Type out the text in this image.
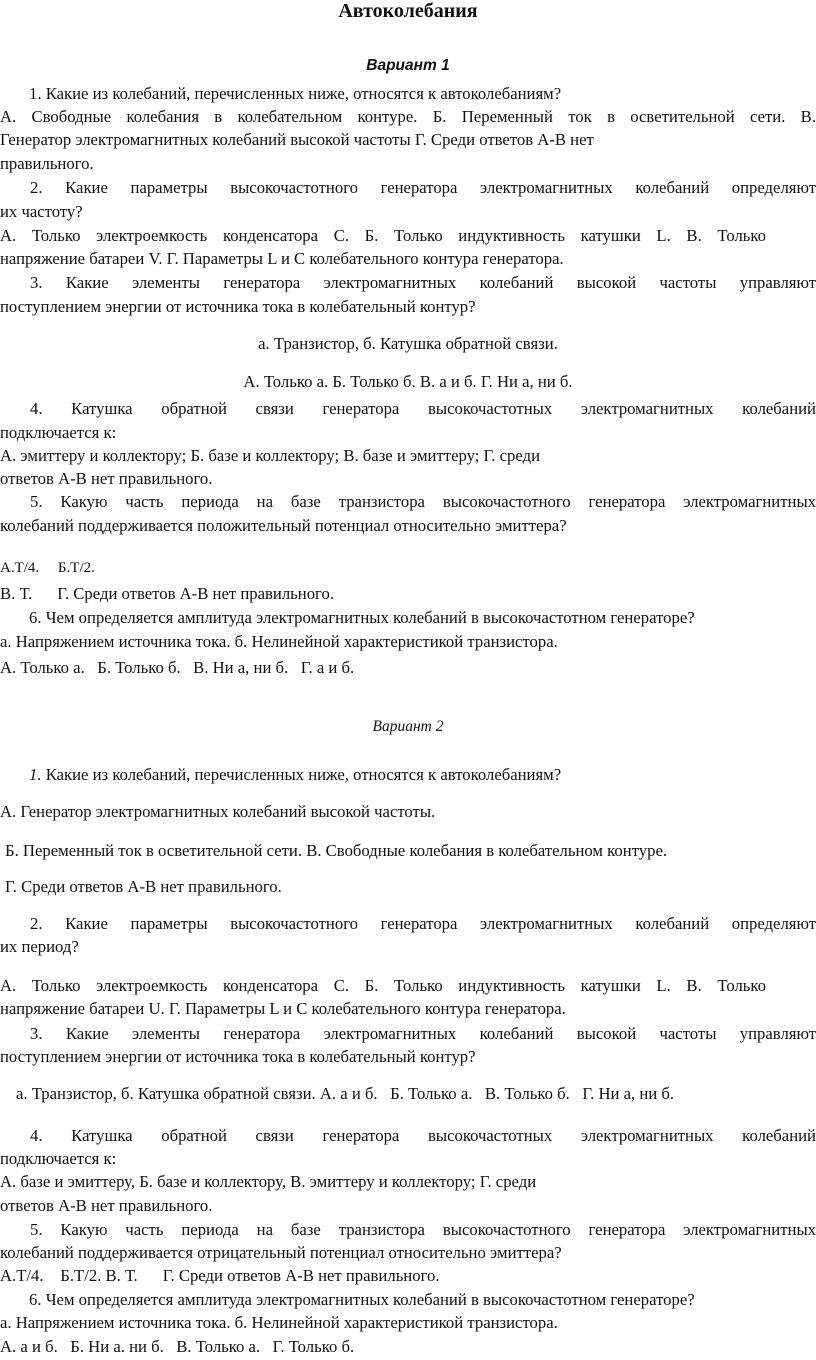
Автоколебания
Вариант 1
1. Какие из колебаний, перечисленных ниже, относятся к автоколебаниям?
А. Свободные колебания в колебательном контуре. Б. Переменный ток в осветительной сети. В.
Генератор электромагнитных колебаний высокой частоты Г. Среди ответов А-В нет
правильного.
2. Какие параметры высокочастотного генератора электромагнитных колебаний определяют
их частоту?
А. Только электроемкость конденсатора С. Б. Только индуктивность катушки L. В. Только
напряжение батареи V. Г. Параметры L и С колебательного контура генератора.
3. Какие элементы генератора электромагнитных колебаний высокой частоты управляют
поступлением энергии от источника тока в колебательный контур?
а. Транзистор, б. Катушка обратной связи.
А. Только а. Б. Только б. В. а и б. Г. Ни а, ни б.
4. Катушка обратной связи генератора высокочастотных электромагнитных колебаний
подключается к:
А. эмиттеру и коллектору; Б. базе и коллектору; В. базе и эмиттеру; Г. среди
ответов А-В нет правильного.
5. Какую часть периода на базе транзистора высокочастотного генератора электромагнитных
колебаний поддерживается положительный потенциал относительно эмиттера?
А.Т/4.     Б.Т/2.
В. Т.      Г. Среди ответов А-В нет правильного.
6. Чем определяется амплитуда электромагнитных колебаний в высокочастотном генераторе?
а. Напряжением источника тока. б. Нелинейной характеристикой транзистора.
А. Только а.   Б. Только б.   В. Ни а, ни б.   Г. а и б.
Вариант 2
1. Какие из колебаний, перечисленных ниже, относятся к автоколебаниям?
А. Генератор электромагнитных колебаний высокой частоты.
Б. Переменный ток в осветительной сети. В. Свободные колебания в колебательном контуре.
Г. Среди ответов А-В нет правильного.
2. Какие параметры высокочастотного генератора электромагнитных колебаний определяют
их период?
А. Только электроемкость конденсатора С. Б. Только индуктивность катушки L. В. Только
напряжение батареи U. Г. Параметры L и С колебательного контура генератора.
3. Какие элементы генератора электромагнитных колебаний высокой частоты управляют
поступлением энергии от источника тока в колебательный контур?
а. Транзистор, б. Катушка обратной связи. А. а и б.   Б. Только а.   В. Только б.   Г. Ни а, ни б.
4. Катушка обратной связи генератора высокочастотных электромагнитных колебаний
подключается к:
А. базе и эмиттеру, Б. базе и коллектору, В. эмиттеру и коллектору; Г. среди
ответов А-В нет правильного.
5. Какую часть периода на базе транзистора высокочастотного генератора электромагнитных
колебаний поддерживается отрицательный потенциал относительно эмиттера?
А.Т/4.    Б.Т/2. В. Т.      Г. Среди ответов А-В нет правильного.
6. Чем определяется амплитуда электромагнитных колебаний в высокочастотном генераторе?
а. Напряжением источника тока. б. Нелинейной характеристикой транзистора.
А. а и б.   Б. Ни а. ни б.   В. Только а.   Г. Только б.
